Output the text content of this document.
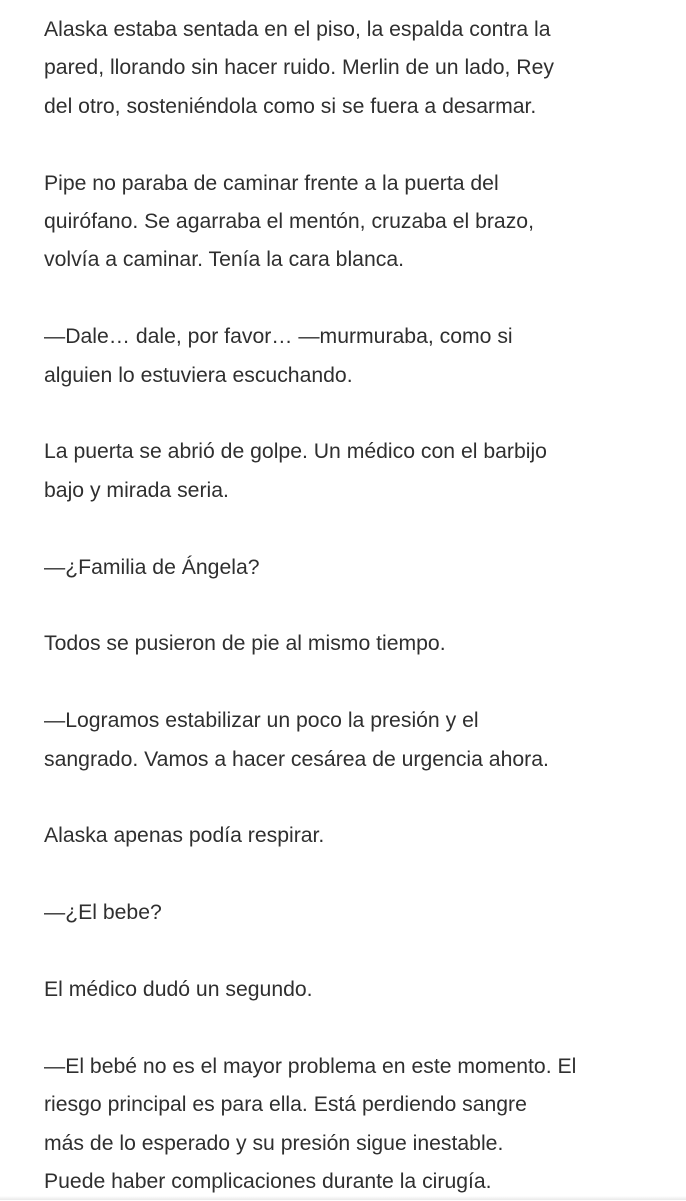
Alaska estaba sentada en el piso, la espalda contra la
pared, llorando sin hacer ruido. Merlin de un lado, Rey
del otro, sosteniéndola como si se fuera a desarmar.

Pipe no paraba de caminar frente a la puerta del
quirófano. Se agarraba el mentón, cruzaba el brazo,
volvía a caminar. Tenía la cara blanca.

—Dale… dale, por favor… —murmuraba, como si
alguien lo estuviera escuchando.

La puerta se abrió de golpe. Un médico con el barbijo
bajo y mirada seria.

—¿Familia de Ángela?

Todos se pusieron de pie al mismo tiempo.

—Logramos estabilizar un poco la presión y el
sangrado. Vamos a hacer cesárea de urgencia ahora.

Alaska apenas podía respirar.

—¿El bebe?

El médico dudó un segundo.

—El bebé no es el mayor problema en este momento. El
riesgo principal es para ella. Está perdiendo sangre
más de lo esperado y su presión sigue inestable.
Puede haber complicaciones durante la cirugía.
